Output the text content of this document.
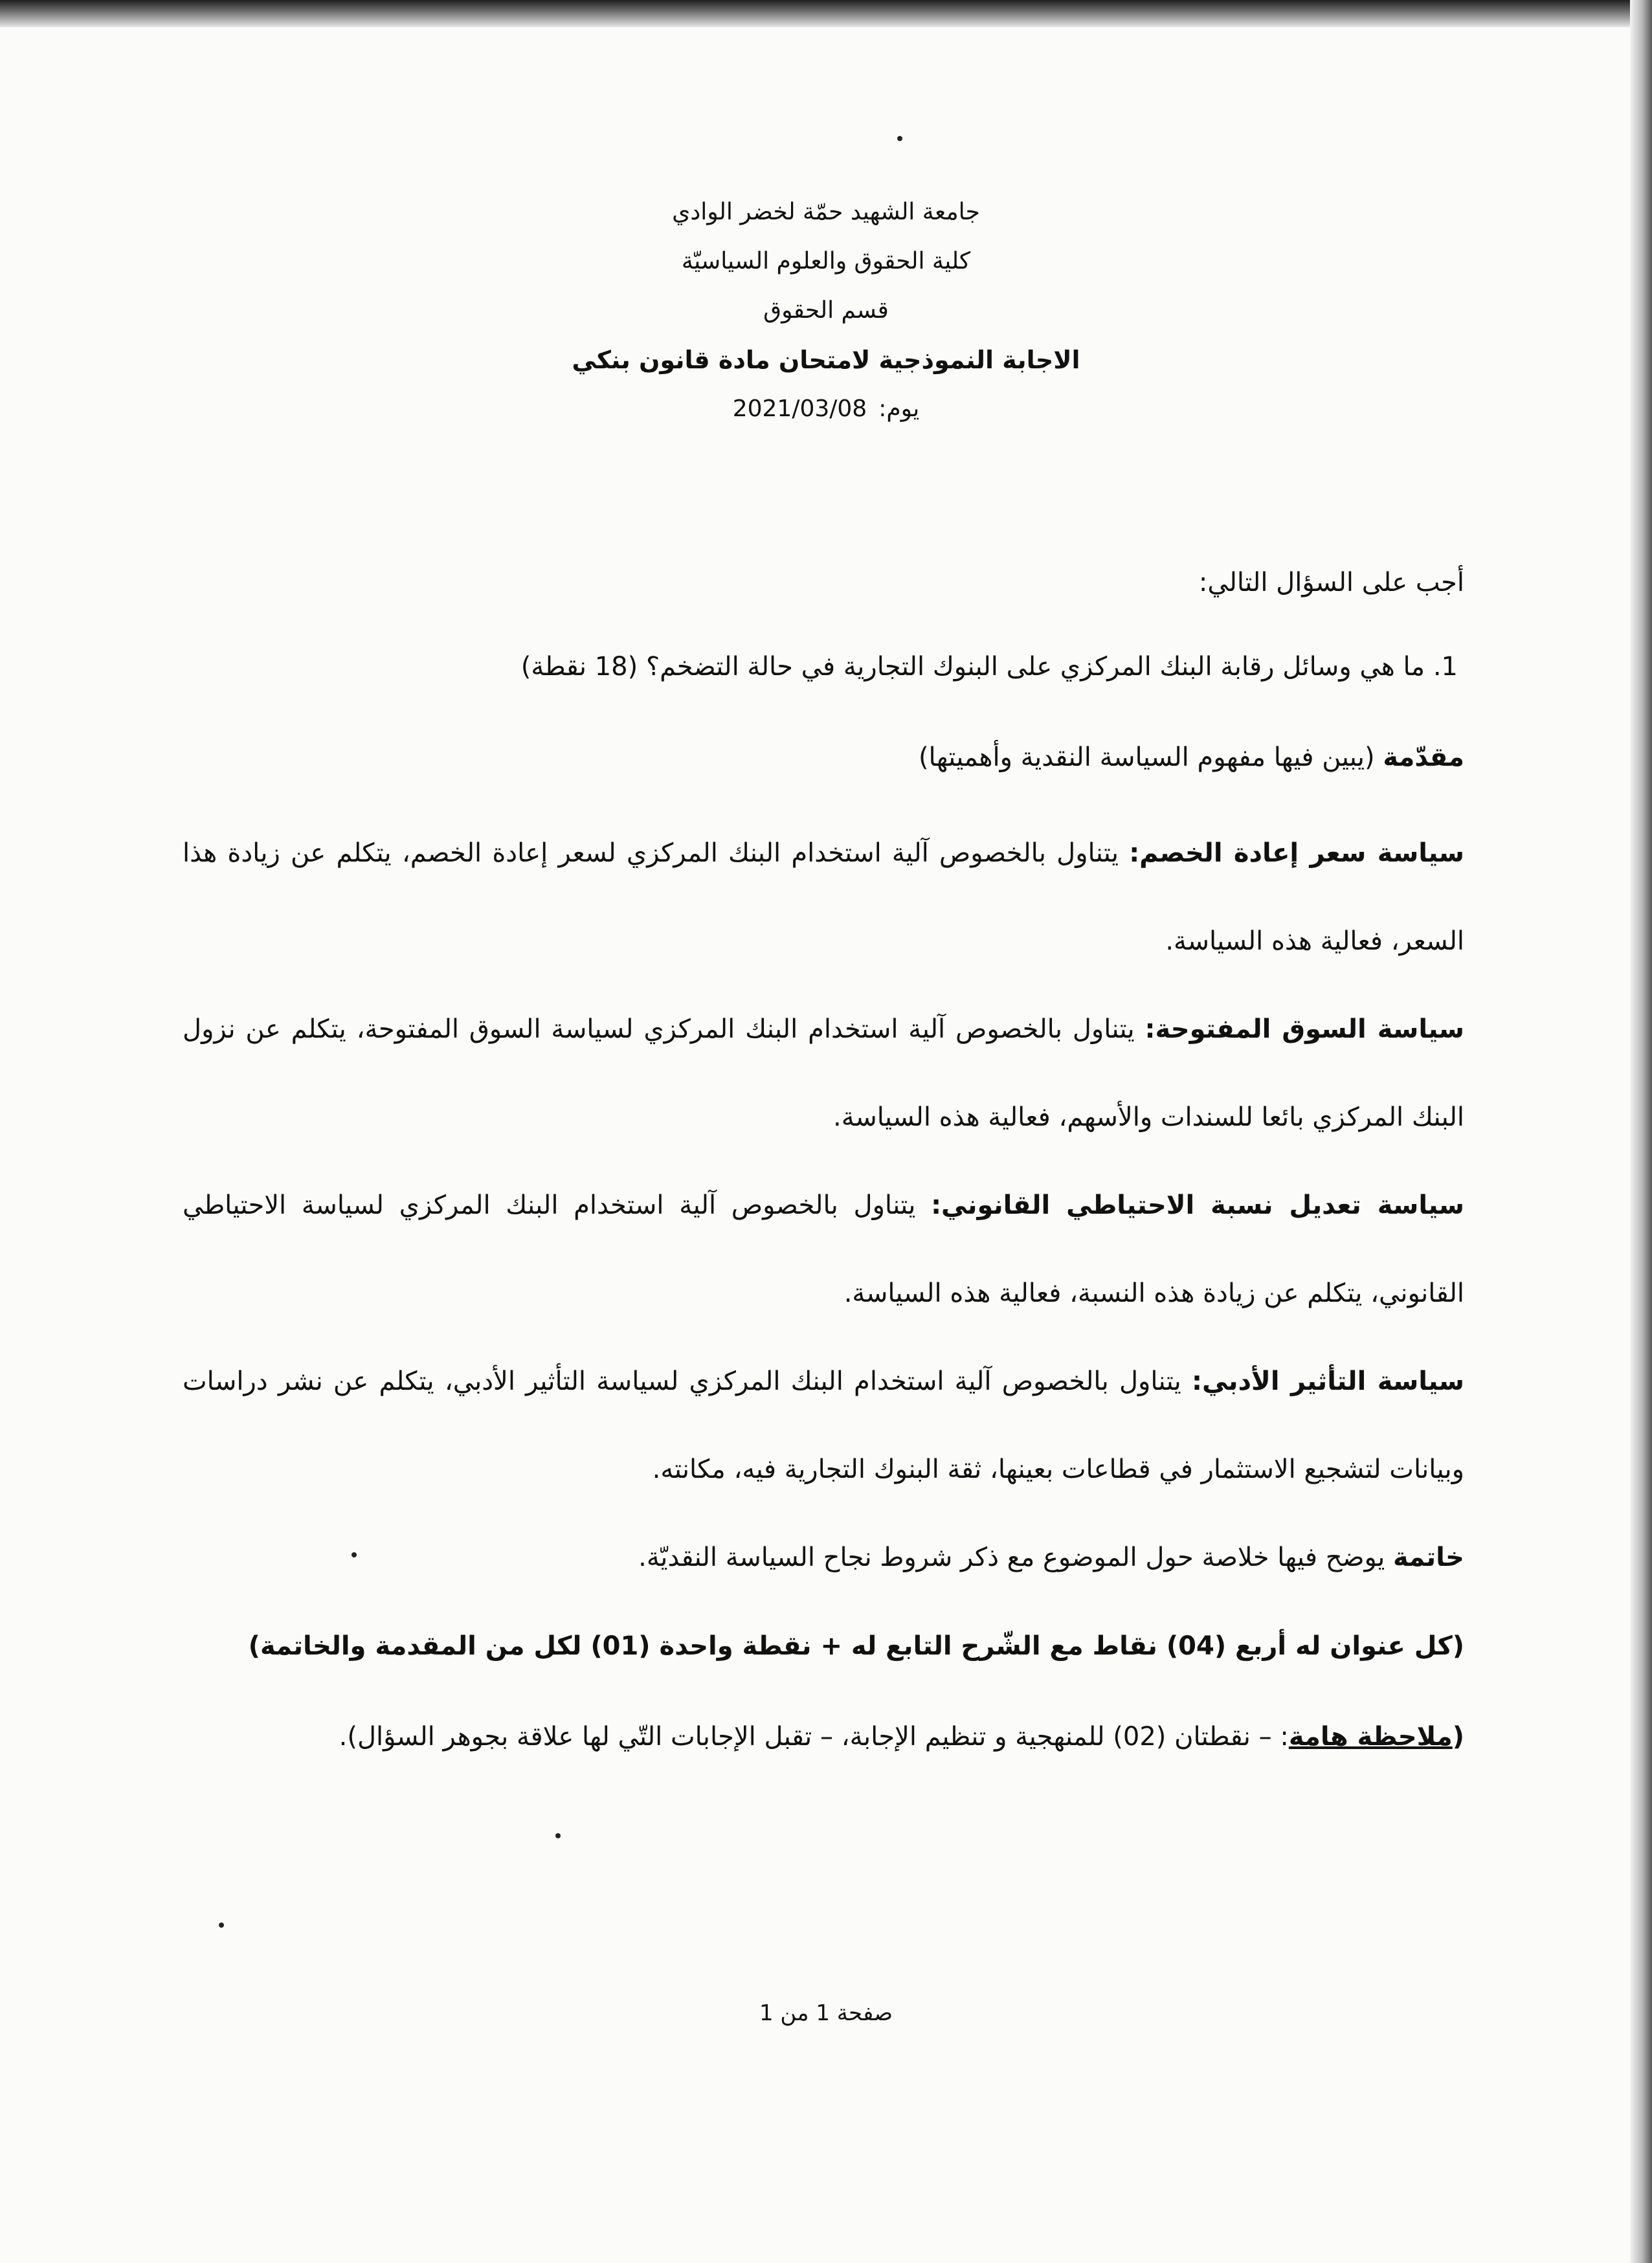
جامعة الشهيد حمّة لخضر الوادي
كلية الحقوق والعلوم السياسيّة
قسم الحقوق
الاجابة النموذجية لامتحان مادة قانون بنكي
يوم:2021/03/08
أجب على السؤال التالي:
1. ما هي وسائل رقابة البنك المركزي على البنوك التجارية في حالة التضخم؟ (18 نقطة)
مقدّمة (يبين فيها مفهوم السياسة النقدية وأهميتها)

سياسة سعر إعادة الخصم: يتناول بالخصوص آلية استخدام البنك المركزي لسعر إعادة الخصم، يتكلم عن زيادة هذا السعر، فعالية هذه السياسة.

سياسة السوق المفتوحة: يتناول بالخصوص آلية استخدام البنك المركزي لسياسة السوق المفتوحة، يتكلم عن نزول البنك المركزي بائعا للسندات والأسهم، فعالية هذه السياسة.

سياسة تعديل نسبة الاحتياطي القانوني: يتناول بالخصوص آلية استخدام البنك المركزي لسياسة الاحتياطي القانوني، يتكلم عن زيادة هذه النسبة، فعالية هذه السياسة.

سياسة التأثير الأدبي: يتناول بالخصوص آلية استخدام البنك المركزي لسياسة التأثير الأدبي، يتكلم عن نشر دراسات وبيانات لتشجيع الاستثمار في قطاعات بعينها، ثقة البنوك التجارية فيه، مكانته.

خاتمة يوضح فيها خلاصة حول الموضوع مع ذكر شروط نجاح السياسة النقديّة.
(كل عنوان له أربع (04) نقاط مع الشّرح التابع له + نقطة واحدة (01) لكل من المقدمة والخاتمة)
(ملاحظة هامة: – نقطتان (02) للمنهجية و تنظيم الإجابة، – تقبل الإجابات التّي لها علاقة بجوهر السؤال).
صفحة 1 من 1
